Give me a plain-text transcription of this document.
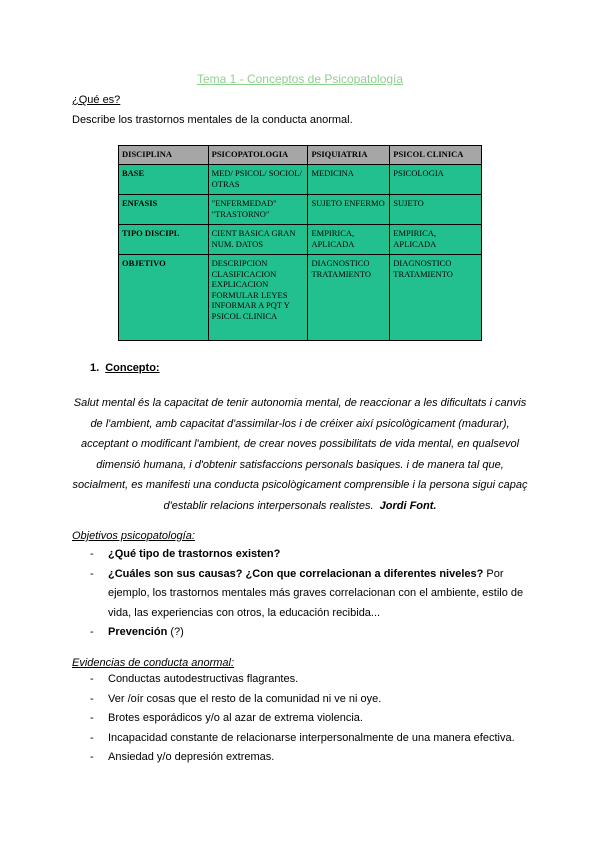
Tema 1 - Conceptos de Psicopatología
¿Qué es?
Describe los trastornos mentales de la conducta anormal.
DISCIPLINA	PSICOPATOLOGIA	PSIQUIATRIA	PSICOL CLINICA
BASE	MED/ PSICOL/ SOCIOL/ OTRAS	MEDICINA	PSICOLOGIA
ENFASIS	"ENFERMEDAD" "TRASTORNO"	SUJETO ENFERMO	SUJETO
TIPO DISCIPL	CIENT BASICA GRAN NUM. DATOS	EMPIRICA, APLICADA	EMPIRICA, APLICADA
OBJETIVO	DESCRIPCION CLASIFICACION EXPLICACION FORMULAR LEYES INFORMAR A PQT Y PSICOL CLINICA	DIAGNOSTICO TRATAMIENTO	DIAGNOSTICO TRATAMIENTO
1. Concepto:
Salut mental és la capacitat de tenir autonomia mental, de reaccionar a les dificultats i canvis de l'ambient, amb capacitat d'assimilar-los i de créixer així psicològicament (madurar), acceptant o modificant l'ambient, de crear noves possibilitats de vida mental, en qualsevol dimensió humana, i d'obtenir satisfaccions personals basiques. i de manera tal que, socialment, es manifesti una conducta psicològicament comprensible i la persona sigui capaç d'establir relacions interpersonals realistes. Jordi Font.
Objetivos psicopatología:
- ¿Qué tipo de trastornos existen?
- ¿Cuáles son sus causas? ¿Con que correlacionan a diferentes niveles? Por ejemplo, los trastornos mentales más graves correlacionan con el ambiente, estilo de vida, las experiencias con otros, la educación recibida...
- Prevención (?)
Evidencias de conducta anormal:
- Conductas autodestructivas flagrantes.
- Ver /oír cosas que el resto de la comunidad ni ve ni oye.
- Brotes esporádicos y/o al azar de extrema violencia.
- Incapacidad constante de relacionarse interpersonalmente de una manera efectiva.
- Ansiedad y/o depresión extremas.
